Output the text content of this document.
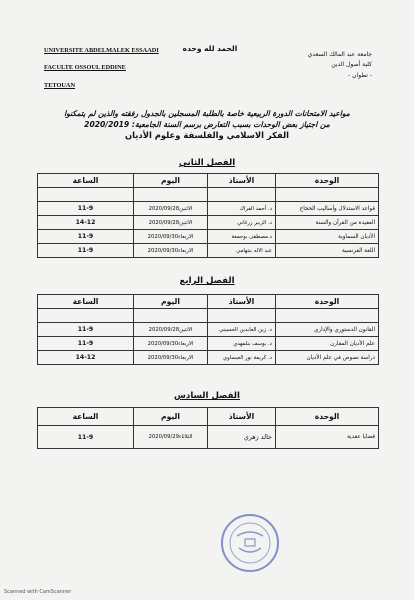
UNIVERSITE ABDELMALEK ESSAADI
FACULTE OSSOUL EDDINE
TETOUAN
الحمد لله وحده
جامعة عبد المالك السعدي
كلية أصول الدين
- تطوان -
مواعيد الامتحانات الدورة الربيعية خاصة بالطلبة المسجلين بالجدول رفقته والذين لم يتمكنوا
من اجتياز بعض الوحدات بسبب التعارض برسم السنة الجامعية: 2020/2019
الفكر الاسلامي والفلسفة وعلوم الأديان
الفصل الثاني
الوحدة	الأستاذ	اليوم	الساعة

قواعد الاستدلال وأساليب الحجاج	د. أحمد الفراك	الاثنين2020/09/28	11-9
العقيدة من القرآن والسنة	د. الزبير زرغاني	الاثنين2020/09/28	14-12
الأديان السماوية	د.مصطفى بوجمعة	الاربعاء2020/09/30	11-9
اللغة الفرنسية	عبد الاله بنتهامي	الاربعاء2020/09/30	11-9
الفصل الرابع
الوحدة	الأستاذ	اليوم	الساعة

القانون الدستوري والإداري	د. زين العابدين الحسيني	الاثنين2020/09/28	11-9
علم الأديان المقارن	د. يوسف بنلمهدي	الاربعاء2020/09/30	11-9
دراسة نصوص في علم الأديان	د. كريمة نور العيساوي	الاربعاء2020/09/30	14-12
الفصل السادس
الوحدة	الأستاذ	اليوم	الساعة
قضايا عقدية	خالد زهري	الثلاثاء2020/09/29	11-9
Scanned with CamScanner
